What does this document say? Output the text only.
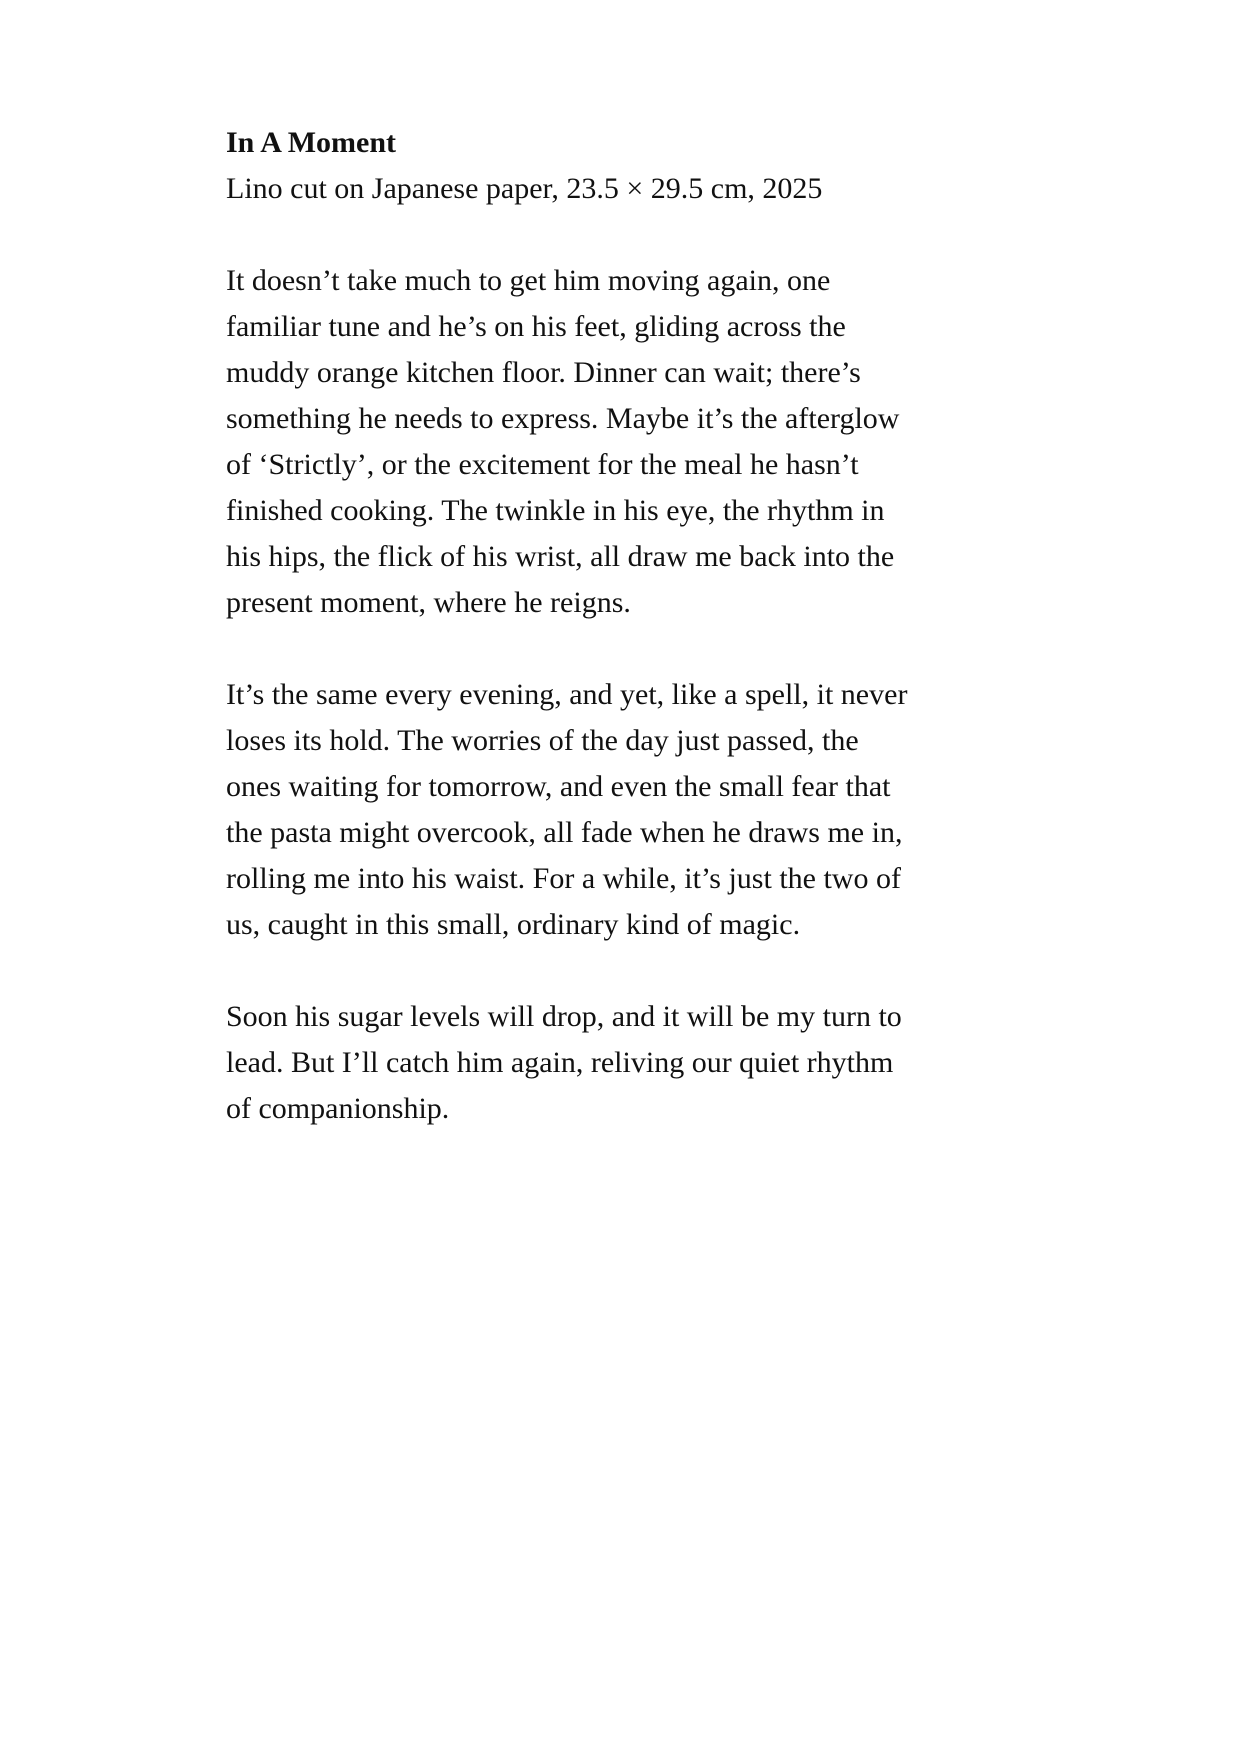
In A Moment

Lino cut on Japanese paper, 23.5 × 29.5 cm, 2025

It doesn’t take much to get him moving again, one
familiar tune and he’s on his feet, gliding across the
muddy orange kitchen floor. Dinner can wait; there’s
something he needs to express. Maybe it’s the afterglow
of ‘Strictly’, or the excitement for the meal he hasn’t
finished cooking. The twinkle in his eye, the rhythm in
his hips, the flick of his wrist, all draw me back into the
present moment, where he reigns.

It’s the same every evening, and yet, like a spell, it never
loses its hold. The worries of the day just passed, the
ones waiting for tomorrow, and even the small fear that
the pasta might overcook, all fade when he draws me in,
rolling me into his waist. For a while, it’s just the two of
us, caught in this small, ordinary kind of magic.

Soon his sugar levels will drop, and it will be my turn to
lead. But I’ll catch him again, reliving our quiet rhythm
of companionship.
